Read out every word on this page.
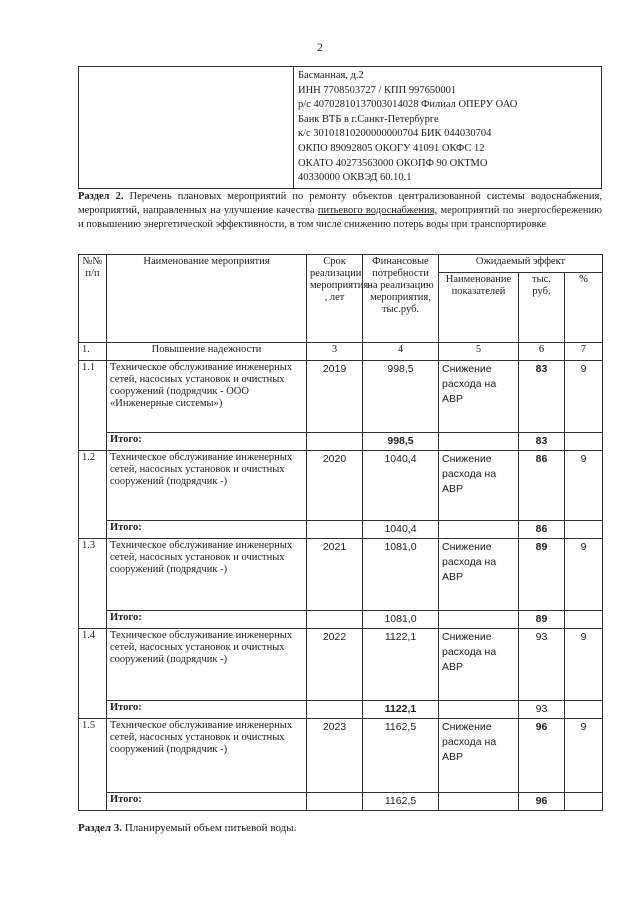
2

Басманная, д.2
ИНН 7708503727 / КПП 997650001
р/с 40702810137003014028 Филиал ОПЕРУ ОАО
Банк ВТБ в г.Санкт-Петербурге
к/с 30101810200000000704 БИК 044030704
ОКПО 89092805 ОКОГУ 41091 ОКФС 12
ОКАТО 40273563000 ОКОПФ 90 ОКТМО
40330000 ОКВЭД 60.10.1
Раздел 2. Перечень плановых мероприятий по ремонту объектов централизованной системы водоснабжения, мероприятий, направленных на улучшение качества питьевого водоснабжения, мероприятий по энергосбережению и повышению энергетической эффективности, в том числе снижению потерь воды при транспортировке
№№ п/п	Наименование мероприятия	Срок реализации мероприятия , лет	Финансовые потребности на реализацию мероприятия, тыс.руб.	Ожидаемый эффект		
				Наименование показателей	тыс. руб.	%
1.	Повышение надежности	3	4	5	6	7
1.1	Техническое обслуживание инженерных сетей, насосных установок и очистных сооружений (подрядчик - ООО «Инженерные системы»)	2019	998,5	Снижение расхода на АВР	83	9
	Итого:		998,5		83	
1.2	Техническое обслуживание инженерных сетей, насосных установок и очистных сооружений (подрядчик -)	2020	1040,4	Снижение расхода на АВР	86	9
	Итого:		1040,4		86	
1.3	Техническое обслуживание инженерных сетей, насосных установок и очистных сооружений (подрядчик -)	2021	1081,0	Снижение расхода на АВР	89	9
	Итого:		1081,0		89	
1.4	Техническое обслуживание инженерных сетей, насосных установок и очистных сооружений (подрядчик -)	2022	1122,1	Снижение расхода на АВР	93	9
	Итого:		1122,1		93	
1.5	Техническое обслуживание инженерных сетей, насосных установок и очистных сооружений (подрядчик -)	2023	1162,5	Снижение расхода на АВР	96	9
	Итого:		1162,5		96	
Раздел 3. Планируемый объем питьевой воды.
